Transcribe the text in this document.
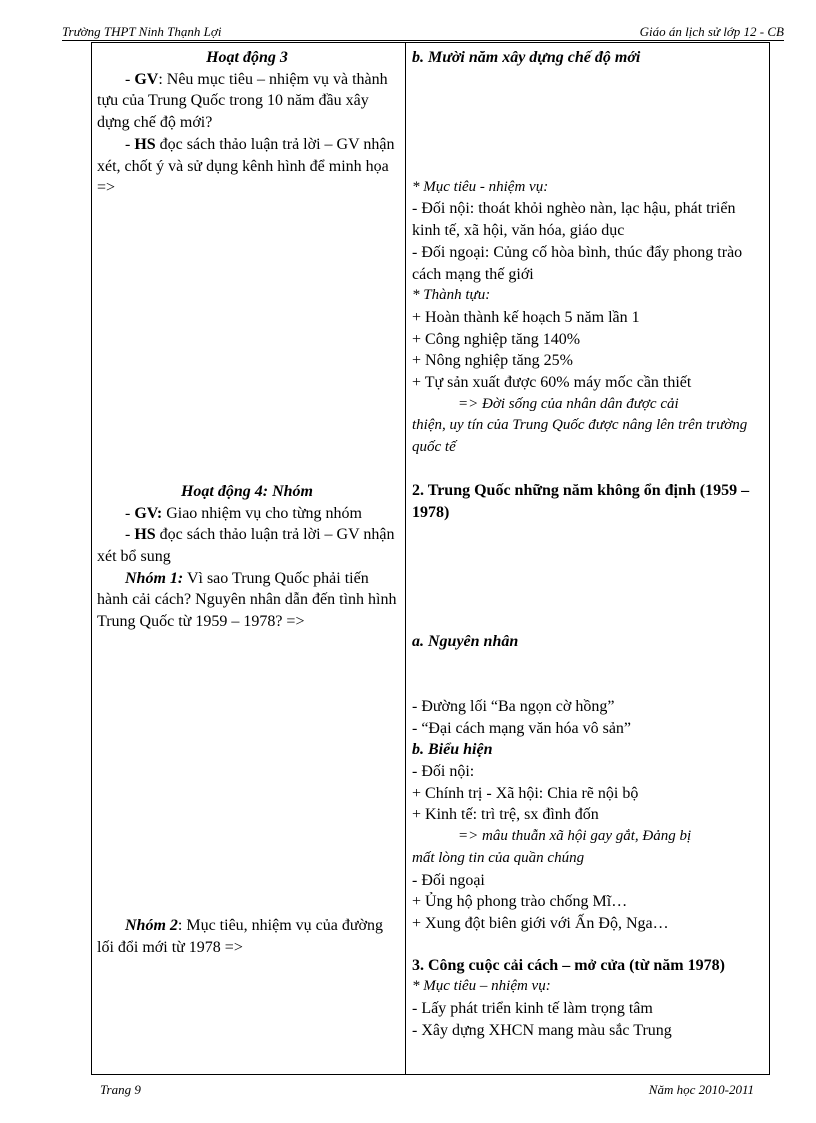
Trường THPT Ninh Thạnh Lợi	Giáo án lịch sử lớp 12 - CB
Hoạt động 3
- GV: Nêu mục tiêu – nhiệm vụ và thành tựu của Trung Quốc trong 10 năm đầu xây dựng chế độ mới?
- HS đọc sách thảo luận trả lời – GV nhận xét, chốt ý và sử dụng kênh hình để minh họa =>
Hoạt động 4: Nhóm
- GV: Giao nhiệm vụ cho từng nhóm
- HS đọc sách thảo luận trả lời – GV nhận xét bổ sung
Nhóm 1: Vì sao Trung Quốc phải tiến hành cải cách? Nguyên nhân dẫn đến tình hình Trung Quốc từ 1959 – 1978? =>
Nhóm 2: Mục tiêu, nhiệm vụ của đường lối đổi mới từ 1978 =>
b. Mười năm xây dựng chế độ mới
* Mục tiêu - nhiệm vụ:
- Đối nội: thoát khỏi nghèo nàn, lạc hậu, phát triển kinh tế, xã hội, văn hóa, giáo dục
- Đối ngoại: Củng cố hòa bình, thúc đẩy phong trào cách mạng thế giới
* Thành tựu:
+ Hoàn thành kế hoạch 5 năm lần 1
+ Công nghiệp tăng 140%
+ Nông nghiệp tăng 25%
+ Tự sản xuất được 60% máy mốc cần thiết
=> Đời sống của nhân dân được cải
thiện, uy tín của Trung Quốc được nâng lên trên trường quốc tế
2. Trung Quốc những năm không ổn định (1959 – 1978)
a. Nguyên nhân
- Đường lối “Ba ngọn cờ hồng”
- “Đại cách mạng văn hóa vô sản”
b. Biểu hiện
- Đối nội:
+ Chính trị - Xã hội: Chia rẽ nội bộ
+ Kinh tế: trì trệ, sx đình đốn
=> mâu thuẫn xã hội gay gắt, Đảng bị
mất lòng tin của quần chúng
- Đối ngoại
+ Ủng hộ phong trào chống Mĩ…
+ Xung đột biên giới với Ấn Độ, Nga…
3. Công cuộc cải cách – mở cửa (từ năm 1978)
* Mục tiêu – nhiệm vụ:
- Lấy phát triển kinh tế làm trọng tâm
- Xây dựng XHCN mang màu sắc Trung
Trang 9	Năm học 2010-2011
